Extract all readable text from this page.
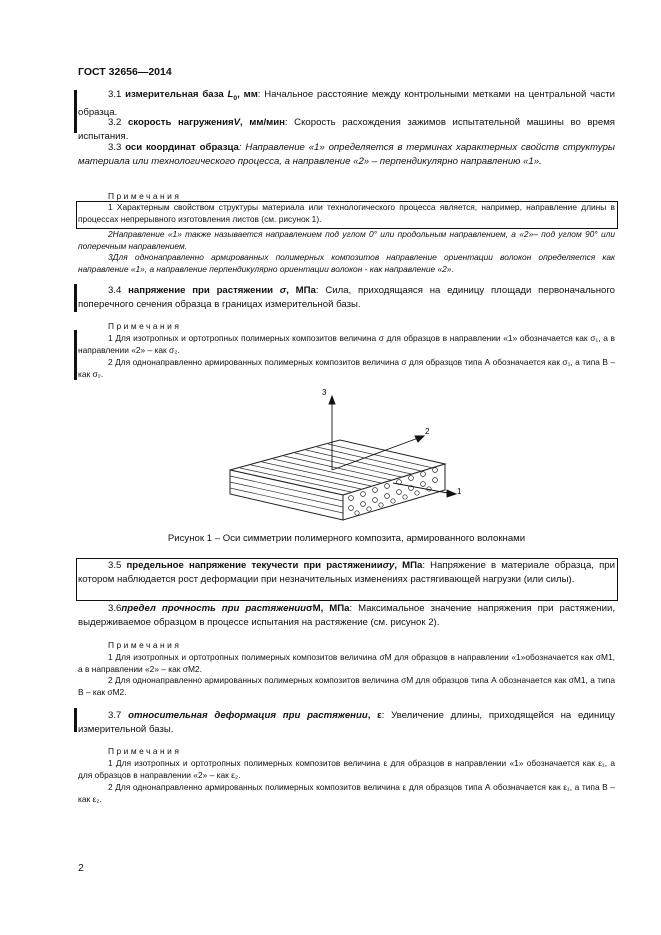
ГОСТ 32656—2014
3.1 измерительная база $L_0$, мм: Начальное расстояние между контрольными метками на центральной части образца.
3.2 скорость нагруженияV, мм/мин: Скорость расхождения зажимов испытательной машины во время испытания.
3.3 оси координат образца: Направление «1» определяется в терминах характерных свойств структуры материала или технологического процесса, а направление «2» – перпендикулярно направлению «1».
Примечания
1 Характерным свойством структуры материала или технологического процесса является, например, направление длины в процессах непрерывного изготовления листов (см. рисунок 1).
2Направление «1» также называется направлением под углом 0° или продольным направлением, а «2»– под углом 90° или поперечным направлением.
3Для однонаправленно армированных полимерных композитов направление ориентации волокон определяется как направление «1», а направление перпендикулярно ориентации волокон - как направление «2».
3.4 напряжение при растяжении σ, МПа: Сила, приходящаяся на единицу площади первоначального поперечного сечения образца в границах измерительной базы.
Примечания
1 Для изотропных и ортотропных полимерных композитов величина σ для образцов в направлении «1» обозначается как σ₁, а в направлении «2» – как σ₂.
2 Для однонаправленно армированных полимерных композитов величина σ для образцов типа А обозначается как σ₁, а типа В – как σ₂.
3
2
1
Рисунок 1 – Оси симметрии полимерного композита, армированного волокнами
3.5 предельное напряжение текучести при растяженииσy, МПа: Напряжение в материале образца, при котором наблюдается рост деформации при незначительных изменениях растягивающей нагрузки (или силы).
3.6предел прочность при растяженииσM, МПа: Максимальное значение напряжения при растяжении, выдерживаемое образцом в процессе испытания на растяжение (см. рисунок 2).
Примечания
1 Для изотропных и ортотропных полимерных композитов величина σM для образцов в направлении «1»обозначается как σM1, а в направлении «2» – как σM2.
2 Для однонаправленно армированных полимерных композитов величина σM для образцов типа А обозначается как σM1, а типа В – как σM2.
3.7 относительная деформация при растяжении, ε: Увеличение длины, приходящейся на единицу измерительной базы.
Примечания
1 Для изотропных и ортотропных полимерных композитов величина ε для образцов в направлении «1» обозначается как ε₁, а для образцов в направлении «2» – как ε₂.
2 Для однонаправленно армированных полимерных композитов величина ε для образцов типа А обозначается как ε₁, а типа В – как ε₂.
2
